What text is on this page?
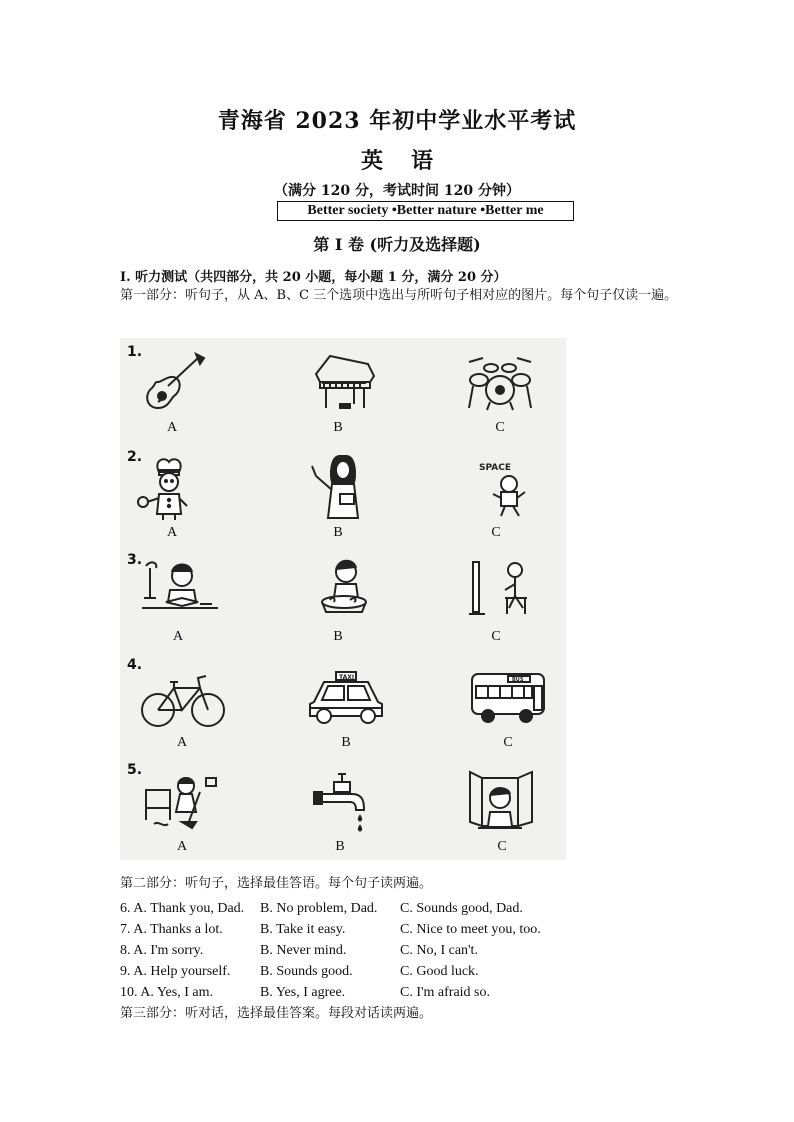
青海省 2023 年初中学业水平考试
英 语
（满分 120 分，考试时间 120 分钟）
Better society •Better nature •Better me
第 I 卷 (听力及选择题)
I. 听力测试（共四部分，共 20 小题，每小题 1 分，满分 20 分）
第一部分：听句子，从 A、B、C 三个选项中选出与所听句子相对应的图片。每个句子仅读一遍。
1.
A	B	C
2.
SPACE
A	B	C
3.
A	B	C
4.
TAXI	BUS
A	B	C
5.
A	B	C
第二部分：听句子，选择最佳答语。每个句子读两遍。
6. A. Thank you, Dad. B. No problem, Dad. C. Sounds good, Dad.
7. A. Thanks a lot.	B. Take it easy.	C. Nice to meet you, too.
8. A. I'm sorry.	B. Never mind.	C. No, I can't.
9. A. Help yourself. B. Sounds good.	C. Good luck.
10. A. Yes, I am.	B. Yes, I agree.	C. I'm afraid so.
第三部分：听对话，选择最佳答案。每段对话读两遍。
